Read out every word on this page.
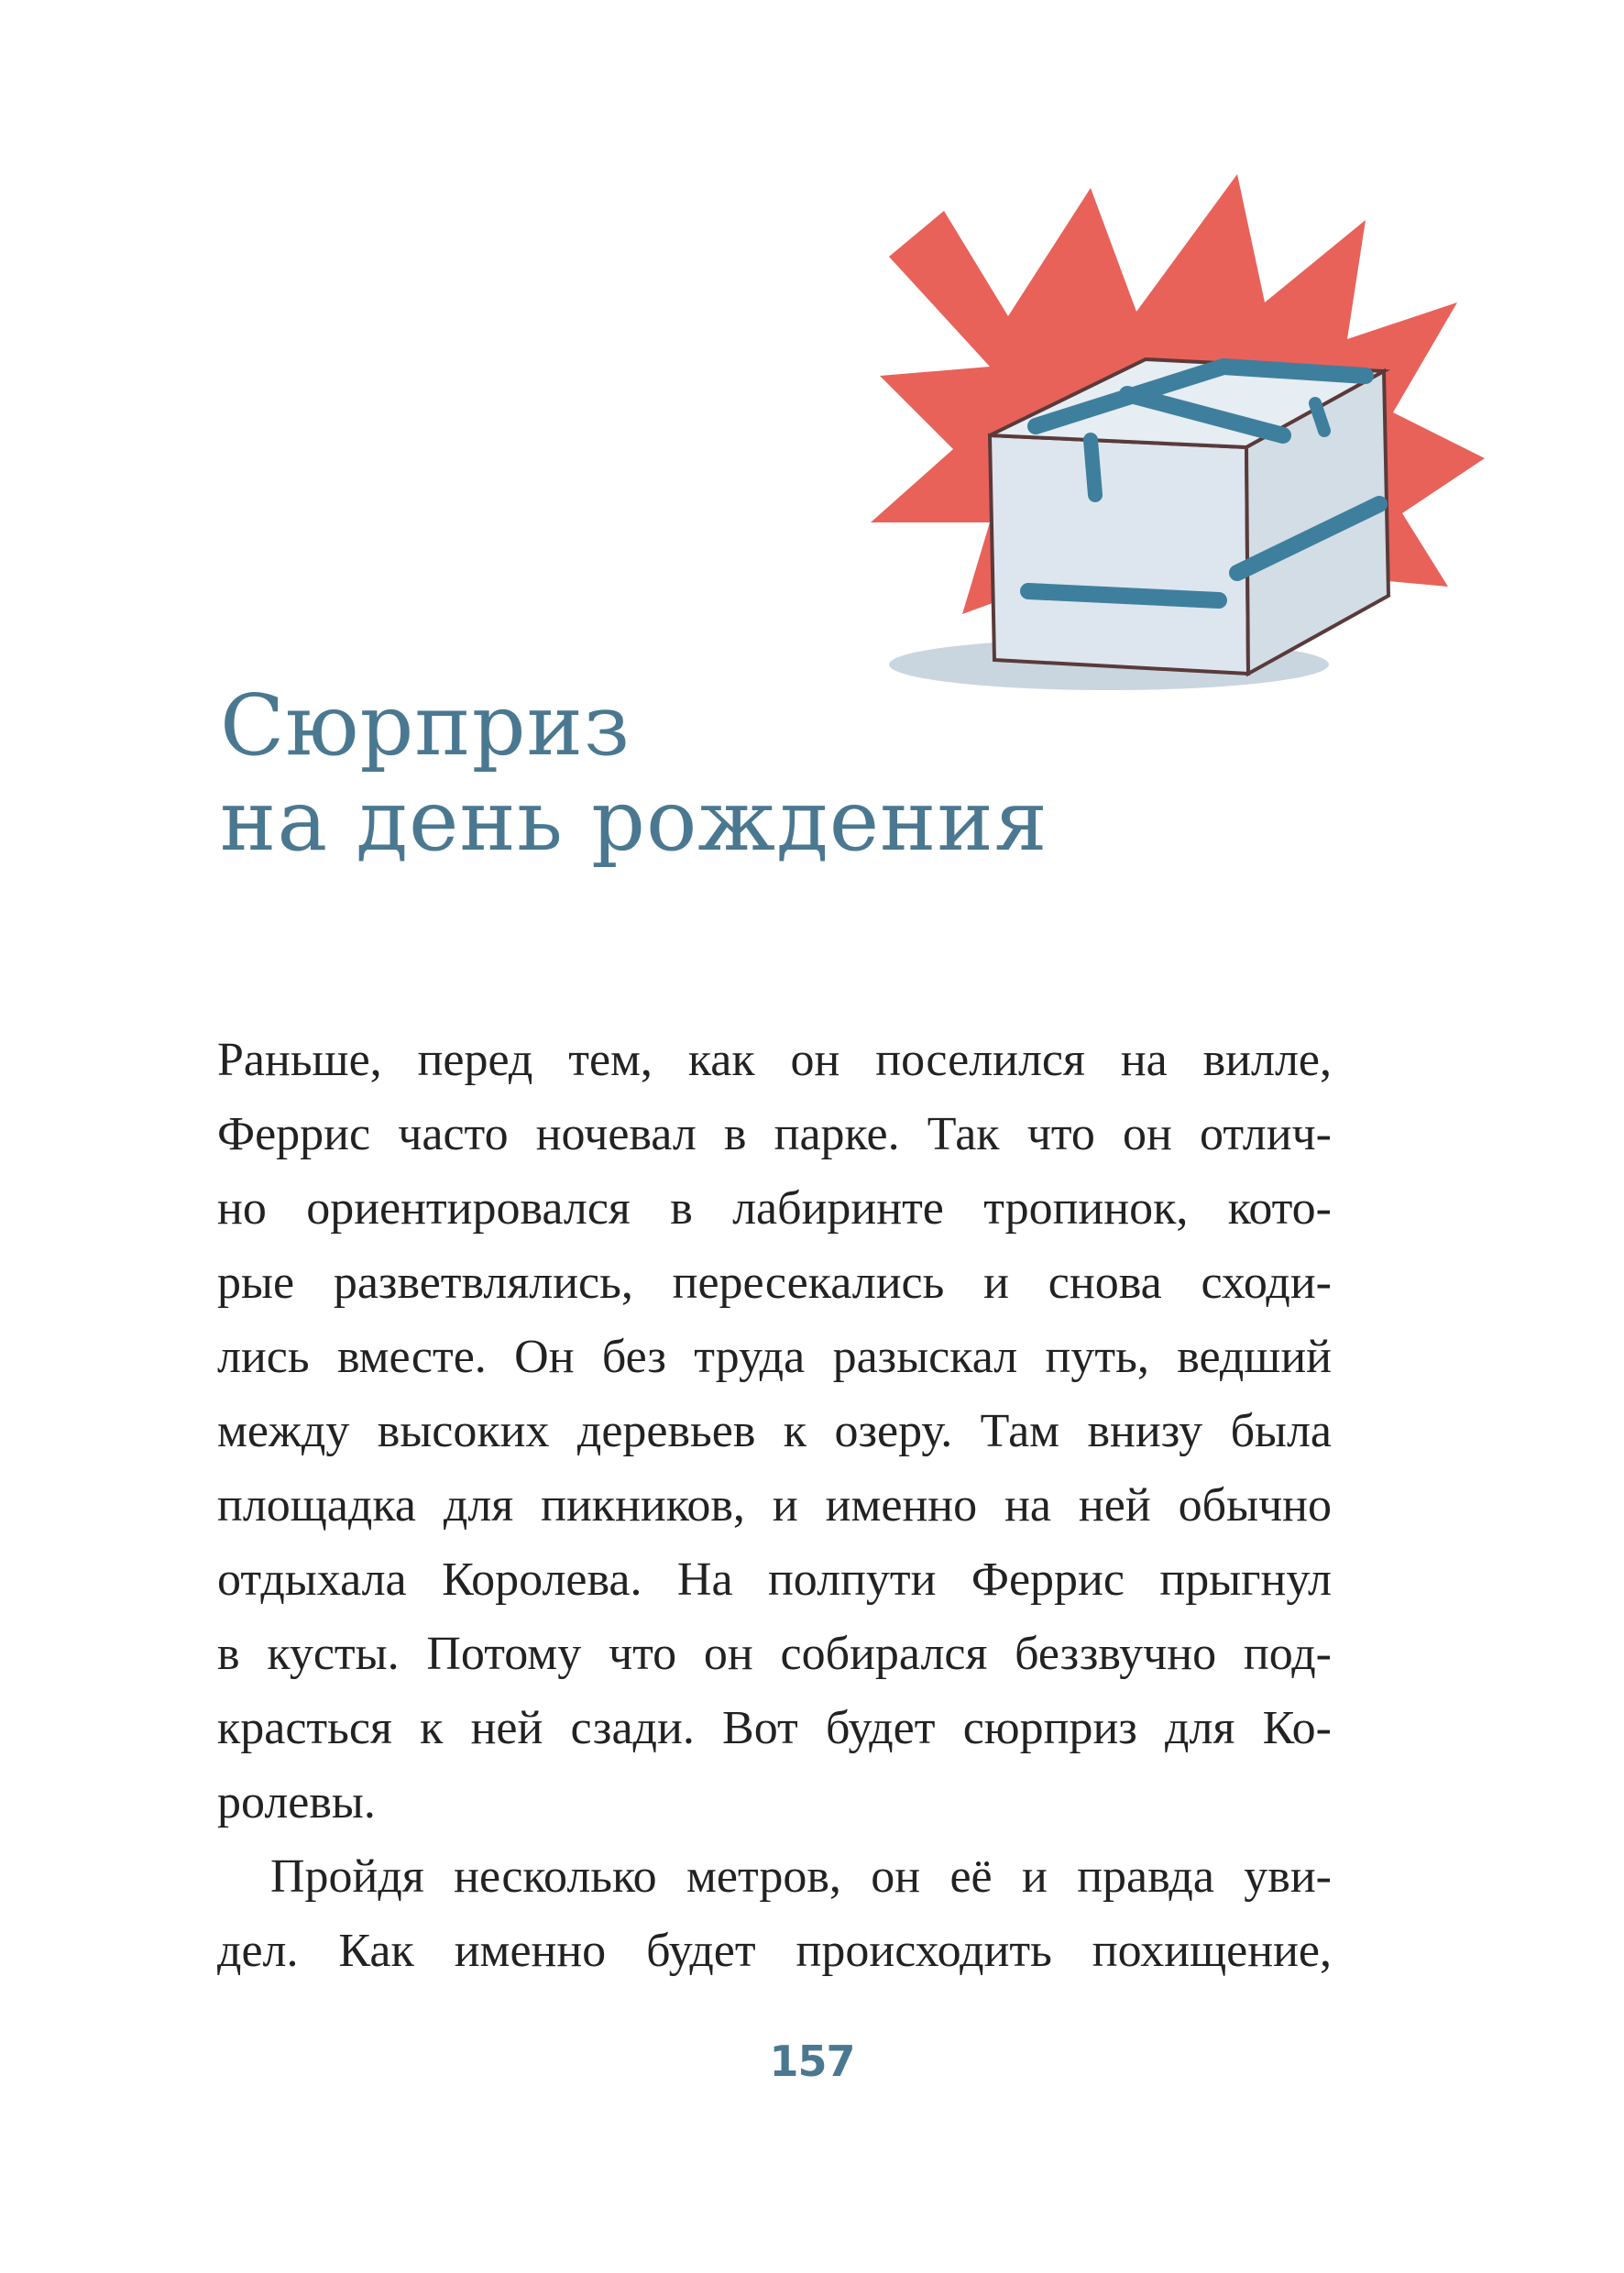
Сюрприз
на день рождения

Раньше, перед тем, как он поселился на вилле,
Феррис часто ночевал в парке. Так что он отлич-
но ориентировался в лабиринте тропинок, кото-
рые разветвлялись, пересекались и снова сходи-
лись вместе. Он без труда разыскал путь, ведший
между высоких деревьев к озеру. Там внизу была
площадка для пикников, и именно на ней обычно
отдыхала Королева. На полпути Феррис прыгнул
в кусты. Потому что он собирался беззвучно под-
красться к ней сзади. Вот будет сюрприз для Ко-
ролевы.

Пройдя несколько метров, он её и правда уви-
дел. Как именно будет происходить похищение,

157
